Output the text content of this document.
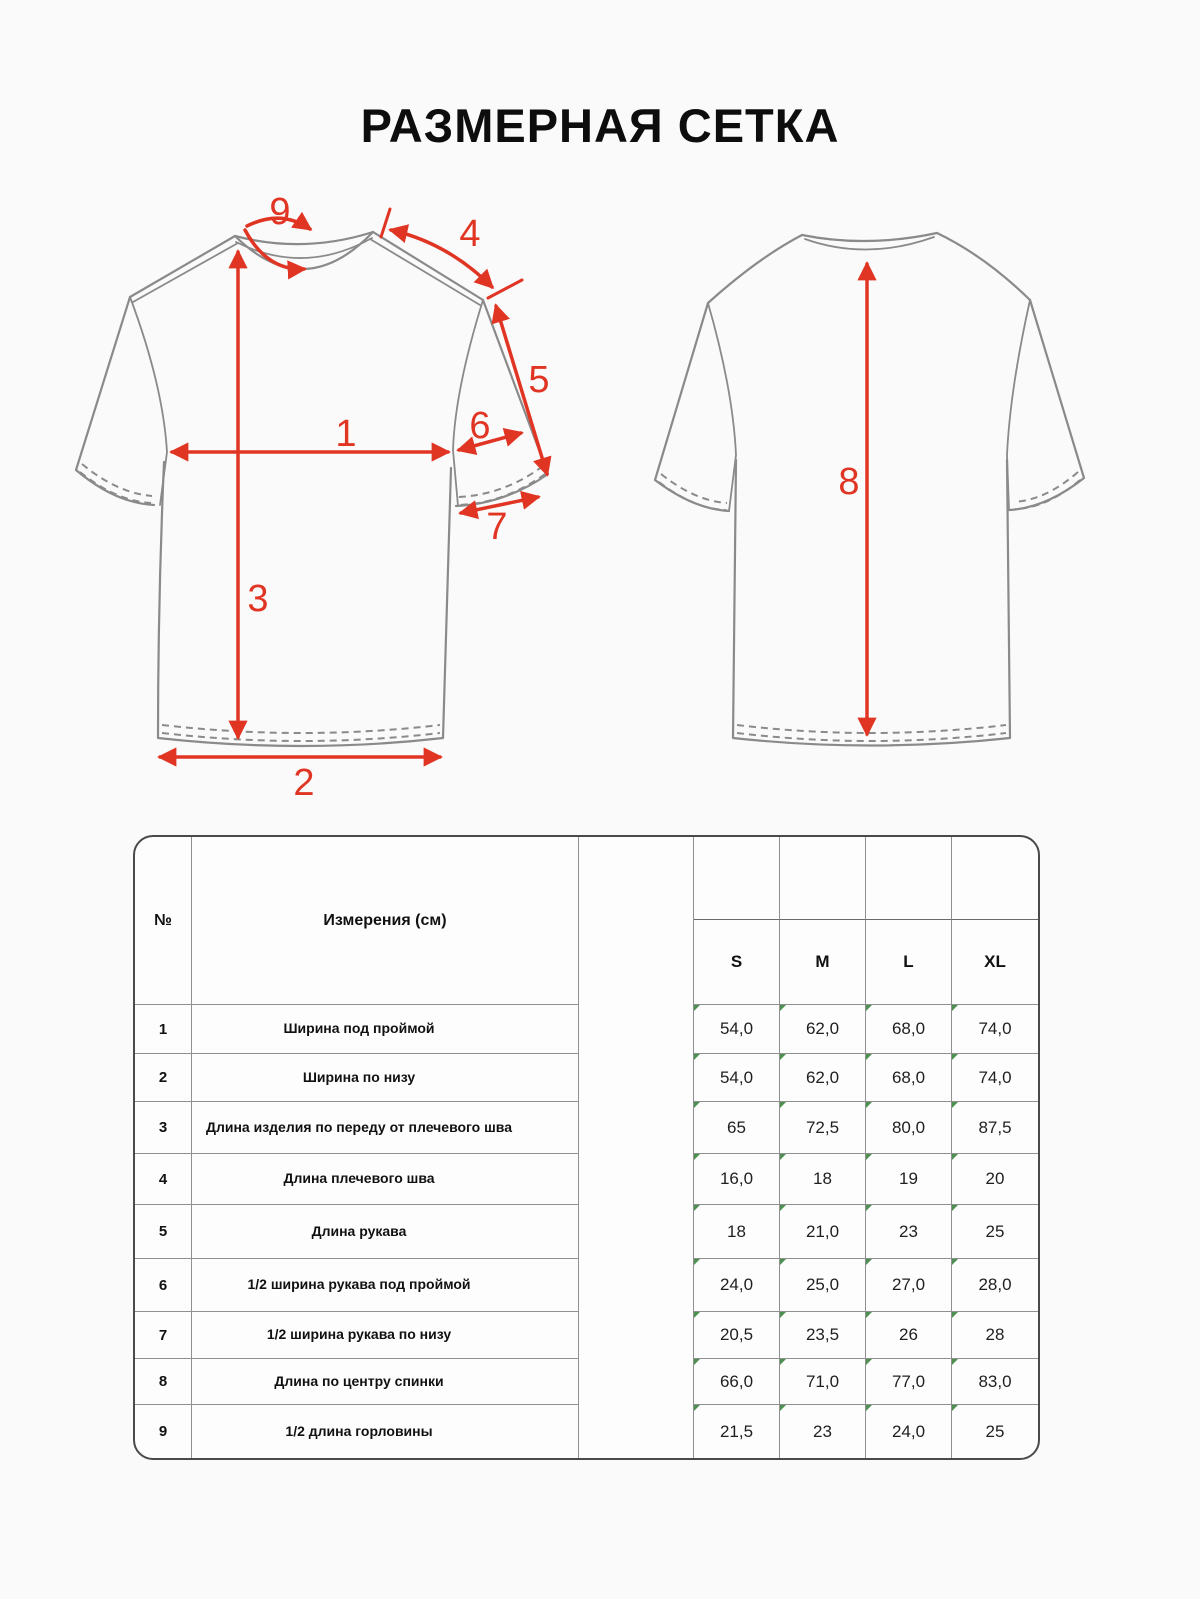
РАЗМЕРНАЯ СЕТКА
1
2
3
4
5
6
7
8
9
№	Измерения (см)
S	M	L	XL
1	Ширина под проймой	54,0	62,0	68,0	74,0
2	Ширина по низу	54,0	62,0	68,0	74,0
3	Длина изделия по переду от плечевого шва	65	72,5	80,0	87,5
4	Длина плечевого шва	16,0	18	19	20
5	Длина рукава	18	21,0	23	25
6	1/2 ширина рукава под проймой	24,0	25,0	27,0	28,0
7	1/2 ширина рукава по низу	20,5	23,5	26	28
8	Длина по центру спинки	66,0	71,0	77,0	83,0
9	1/2 длина горловины	21,5	23	24,0	25
